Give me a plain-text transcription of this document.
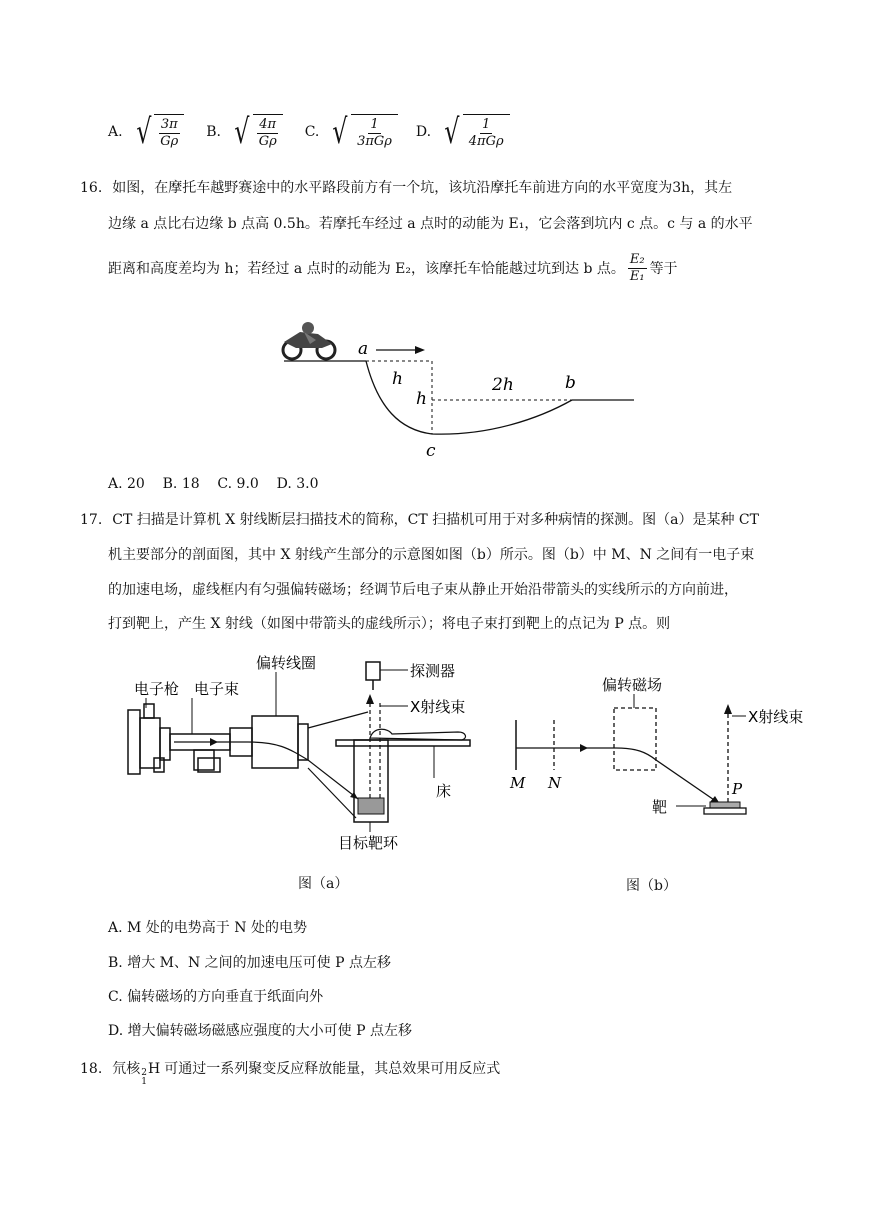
A. √ $\frac{3\pi}{G\rho} B$. √ $\frac{4\pi}{G\rho} C$. √ $\frac{1}{\text{3πGρ}} D$. √ $\frac{1}{\text{4πGρ}}$
16. 如图，在摩托车越野赛途中的水平路段前方有一个坑，该坑沿摩托车前进方向的水平宽度为3h，其左
边缘 a 点比右边缘 b 点高 0.5h。若摩托车经过 a 点时的动能为 E₁，它会落到坑内 c 点。c 与 a 的水平
距离和高度差均为 h；若经过 a 点时的动能为 E₂，该摩托车恰能越过坑到达 b 点。 $\frac{\text{E₂}}{\text{E₁}}$ 等于
a
h
h
2h	b
c
A. 20    B. 18    C. 9.0    D. 3.0
17. CT 扫描是计算机 X 射线断层扫描技术的简称，CT 扫描机可用于对多种病情的探测。图（a）是某种 CT
机主要部分的剖面图，其中 X 射线产生部分的示意图如图（b）所示。图（b）中 M、N 之间有一电子束
的加速电场，虚线框内有匀强偏转磁场；经调节后电子束从静止开始沿带箭头的实线所示的方向前进，
打到靶上，产生 X 射线（如图中带箭头的虚线所示）；将电子束打到靶上的点记为 P 点。则
电子枪 电子束
偏转线圈	探测器
X射线束
床
目标靶环
图（a）
偏转磁场
X射线束
M N	P
靶
图（b）
A. M 处的电势高于 N 处的电势
B. 增大 M、N 之间的加速电压可使 P 点左移
C. 偏转磁场的方向垂直于纸面向外
D. 增大偏转磁场磁感应强度的大小可使 P 点左移
18. 氘核 2
1
H 可通过一系列聚变反应释放能量，其总效果可用反应式
